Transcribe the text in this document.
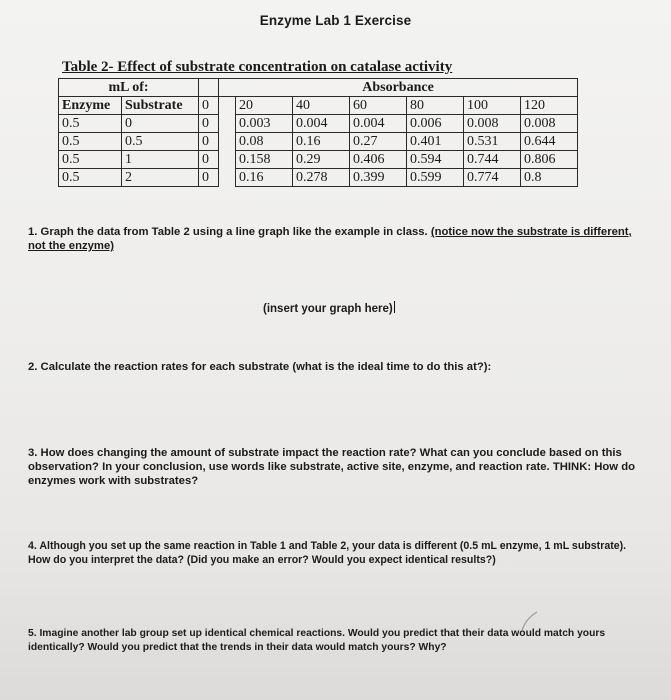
Enzyme Lab 1 Exercise
Table 2- Effect of substrate concentration on catalase activity
mL of:			Absorbance						
Enzyme	Substrate	0		20	40	60	80	100	120
0.5	0	0		0.003	0.004	0.004	0.006	0.008	0.008
0.5	0.5	0		0.08	0.16	0.27	0.401	0.531	0.644
0.5	1	0		0.158	0.29	0.406	0.594	0.744	0.806
0.5	2	0		0.16	0.278	0.399	0.599	0.774	0.8
1. Graph the data from Table 2 using a line graph like the example in class. (notice now the substrate is different, not the enzyme)
(insert your graph here)
2. Calculate the reaction rates for each substrate (what is the ideal time to do this at?):
3. How does changing the amount of substrate impact the reaction rate? What can you conclude based on this observation? In your conclusion, use words like substrate, active site, enzyme, and reaction rate. THINK: How do enzymes work with substrates?
4. Although you set up the same reaction in Table 1 and Table 2, your data is different (0.5 mL enzyme, 1 mL substrate). How do you interpret the data? (Did you make an error? Would you expect identical results?)
5. Imagine another lab group set up identical chemical reactions. Would you predict that their data would match yours identically? Would you predict that the trends in their data would match yours? Why?
